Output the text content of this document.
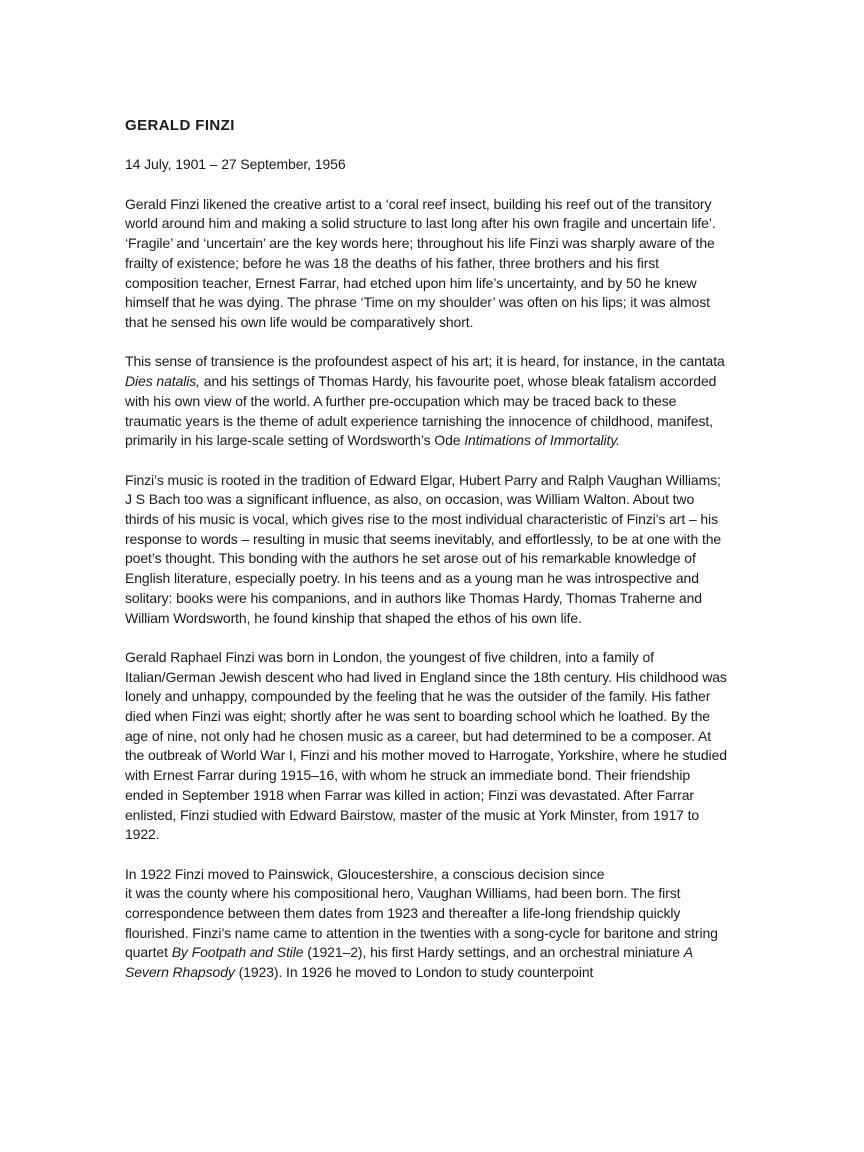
GERALD FINZI

14 July, 1901 – 27 September, 1956

Gerald Finzi likened the creative artist to a ‘coral reef insect, building his reef out of the transitory world around him and making a solid structure to last long after his own fragile and uncertain life’. ‘Fragile’ and ‘uncertain’ are the key words here; throughout his life Finzi was sharply aware of the frailty of existence; before he was 18 the deaths of his father, three brothers and his first composition teacher, Ernest Farrar, had etched upon him life’s uncertainty, and by 50 he knew himself that he was dying. The phrase ‘Time on my shoulder’ was often on his lips; it was almost that he sensed his own life would be comparatively short.

This sense of transience is the profoundest aspect of his art; it is heard, for instance, in the cantata Dies natalis, and his settings of Thomas Hardy, his favourite poet, whose bleak fatalism accorded with his own view of the world. A further pre-occupation which may be traced back to these traumatic years is the theme of adult experience tarnishing the innocence of childhood, manifest, primarily in his large-scale setting of Wordsworth’s Ode Intimations of Immortality.

Finzi’s music is rooted in the tradition of Edward Elgar, Hubert Parry and Ralph Vaughan Williams; J S Bach too was a significant influence, as also, on occasion, was William Walton. About two thirds of his music is vocal, which gives rise to the most individual characteristic of Finzi’s art – his response to words – resulting in music that seems inevitably, and effortlessly, to be at one with the poet’s thought. This bonding with the authors he set arose out of his remarkable knowledge of English literature, especially poetry. In his teens and as a young man he was introspective and solitary: books were his companions, and in authors like Thomas Hardy, Thomas Traherne and William Wordsworth, he found kinship that shaped the ethos of his own life.

Gerald Raphael Finzi was born in London, the youngest of five children, into a family of Italian/German Jewish descent who had lived in England since the 18th century. His childhood was lonely and unhappy, compounded by the feeling that he was the outsider of the family. His father died when Finzi was eight; shortly after he was sent to boarding school which he loathed. By the age of nine, not only had he chosen music as a career, but had determined to be a composer. At the outbreak of World War I, Finzi and his mother moved to Harrogate, Yorkshire, where he studied with Ernest Farrar during 1915–16, with whom he struck an immediate bond. Their friendship ended in September 1918 when Farrar was killed in action; Finzi was devastated. After Farrar enlisted, Finzi studied with Edward Bairstow, master of the music at York Minster, from 1917 to 1922.

In 1922 Finzi moved to Painswick, Gloucestershire, a conscious decision since
it was the county where his compositional hero, Vaughan Williams, had been born. The first correspondence between them dates from 1923 and thereafter a life-long friendship quickly flourished. Finzi’s name came to attention in the twenties with a song-cycle for baritone and string quartet By Footpath and Stile (1921–2), his first Hardy settings, and an orchestral miniature A Severn Rhapsody (1923). In 1926 he moved to London to study counterpoint
